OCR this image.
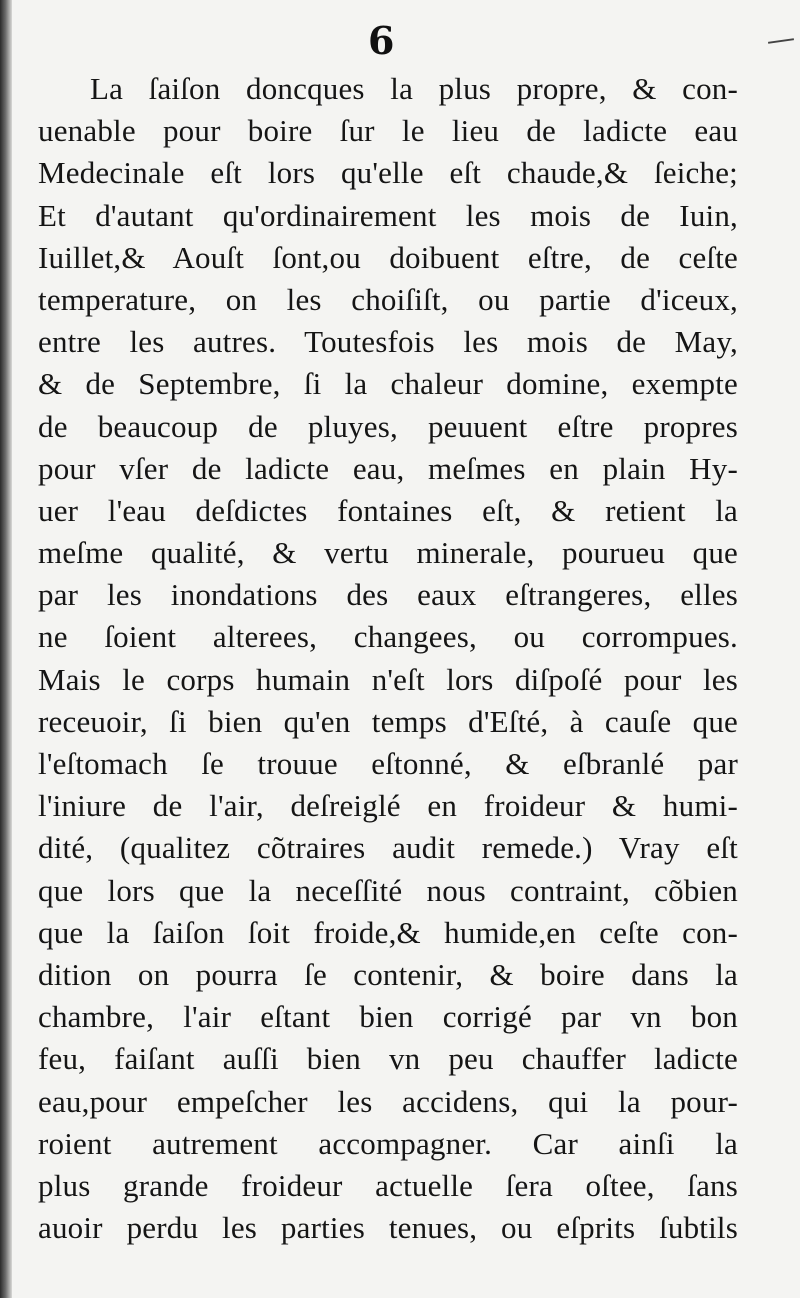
6
La ſaiſon doncques la plus propre, & con-
uenable pour boire ſur le lieu de ladicte eau
Medecinale eſt lors qu'elle eſt chaude,& ſeiche;
Et d'autant qu'ordinairement les mois de Iuin,
Iuillet,& Aouſt ſont,ou doibuent eſtre, de ceſte
temperature, on les choiſiſt, ou partie d'iceux,
entre les autres. Toutesfois les mois de May,
& de Septembre, ſi la chaleur domine, exempte
de beaucoup de pluyes, peuuent eſtre propres
pour vſer de ladicte eau, meſmes en plain Hy-
uer l'eau deſdictes fontaines eſt, & retient la
meſme qualité, & vertu minerale, pourueu que
par les inondations des eaux eſtrangeres, elles
ne ſoient alterees, changees, ou corrompues.
Mais le corps humain n'eſt lors diſpoſé pour les
receuoir, ſi bien qu'en temps d'Eſté, à cauſe que
l'eſtomach ſe trouue eſtonné, & eſbranlé par
l'iniure de l'air, deſreiglé en froideur & humi-
dité, (qualitez cõtraires audit remede.) Vray eſt
que lors que la neceſſité nous contraint, cõbien
que la ſaiſon ſoit froide,& humide,en ceſte con-
dition on pourra ſe contenir, & boire dans la
chambre, l'air eſtant bien corrigé par vn bon
feu, faiſant auſſi bien vn peu chauffer ladicte
eau,pour empeſcher les accidens, qui la pour-
roient autrement accompagner. Car ainſi la
plus grande froideur actuelle ſera oſtee, ſans
auoir perdu les parties tenues, ou eſprits ſubtils
